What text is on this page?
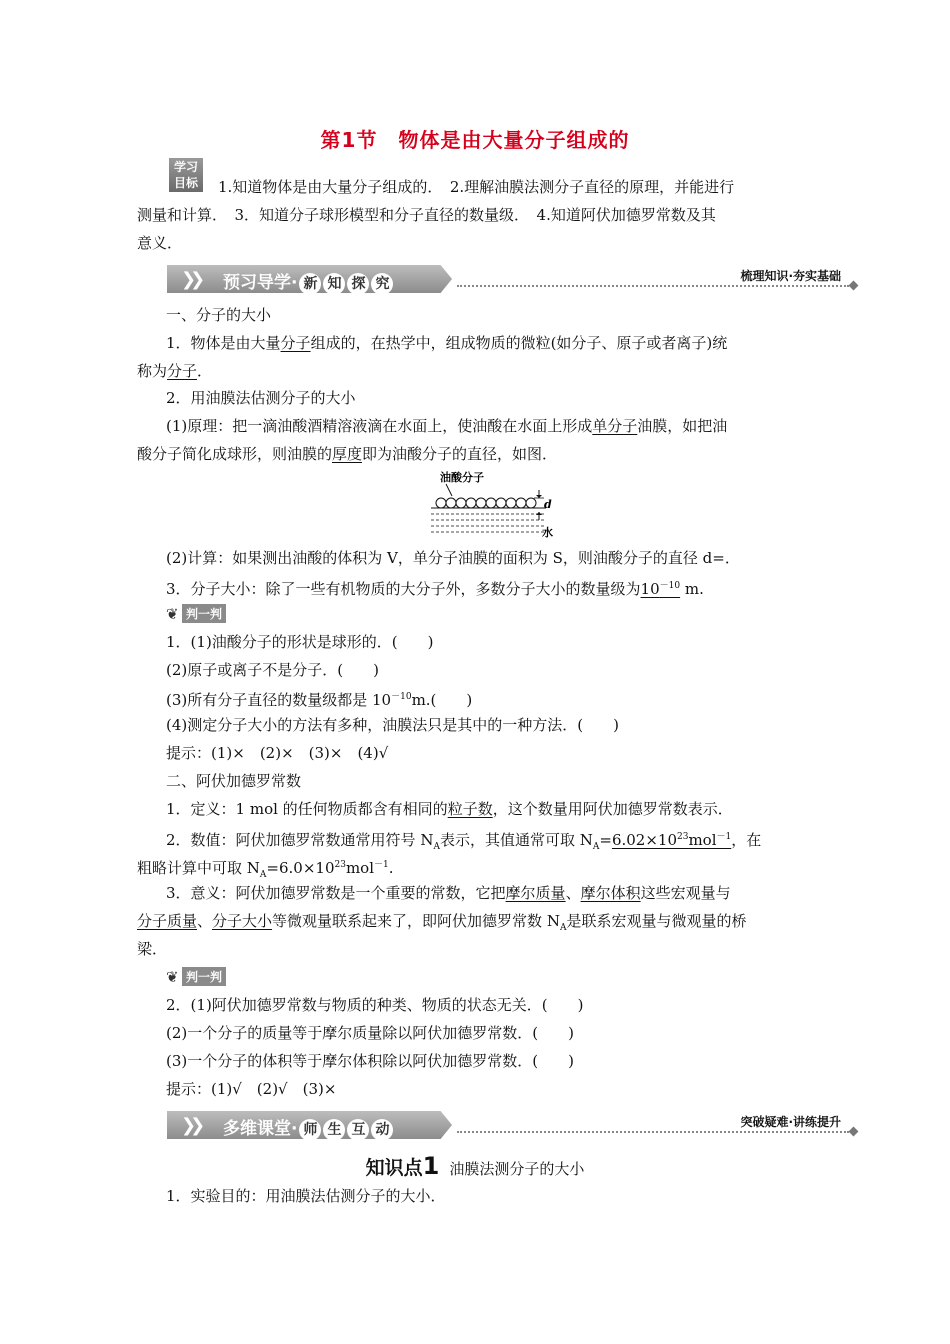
第1节　物体是由大量分子组成的
学习
目标	1.知道物体是由大量分子组成的．　2.理解油膜法测分子直径的原理，并能进行
测量和计算．　3．知道分子球形模型和分子直径的数量级．　4.知道阿伏加德罗常数及其
意义．
❯❯ 预习导学· 新 知 探 究	梳理知识·夯实基础
一、分子的大小
1．物体是由大量分子组成的，在热学中，组成物质的微粒(如分子、原子或者离子)统
称为分子．
2．用油膜法估测分子的大小
(1)原理：把一滴油酸酒精溶液滴在水面上，使油酸在水面上形成单分子油膜，如把油
酸分子简化成球形，则油膜的厚度即为油酸分子的直径，如图．
油酸分子
d
水
(2)计算：如果测出油酸的体积为 V，单分子油膜的面积为 S，则油酸分子的直径 d=．
3．分子大小：除了一些有机物质的大分子外，多数分子大小的数量级为$10^{-10}$ m.
❦ 判一判
1．(1)油酸分子的形状是球形的．(　　)
(2)原子或离子不是分子．(　　)
(3)所有分子直径的数量级都是 $10^{-10}m$.(　　)
(4)测定分子大小的方法有多种，油膜法只是其中的一种方法．(　　)
提示：(1)×　(2)×　(3)×　(4)√
二、阿伏加德罗常数
1．定义：1 mol 的任何物质都含有相同的粒子数，这个数量用阿伏加德罗常数表示．
2．数值：阿伏加德罗常数通常用符号 $N_A$表示，其值通常可取 $N_A=6.02\times 10^{23}mol^{-1}$，在
粗略计算中可取 $N_A=6.0\times 10^{23}mol^{-1}$.
3．意义：阿伏加德罗常数是一个重要的常数，它把摩尔质量、摩尔体积这些宏观量与
分子质量、分子大小等微观量联系起来了，即阿伏加德罗常数 $N_A$是联系宏观量与微观量的桥
梁．
❦ 判一判
2．(1)阿伏加德罗常数与物质的种类、物质的状态无关．(　　)
(2)一个分子的质量等于摩尔质量除以阿伏加德罗常数．(　　)
(3)一个分子的体积等于摩尔体积除以阿伏加德罗常数．(　　)
提示：(1)√　(2)√　(3)×
❯❯ 多维课堂· 师 生 互 动	突破疑难·讲练提升
知识点1 油膜法测分子的大小
1．实验目的：用油膜法估测分子的大小．
